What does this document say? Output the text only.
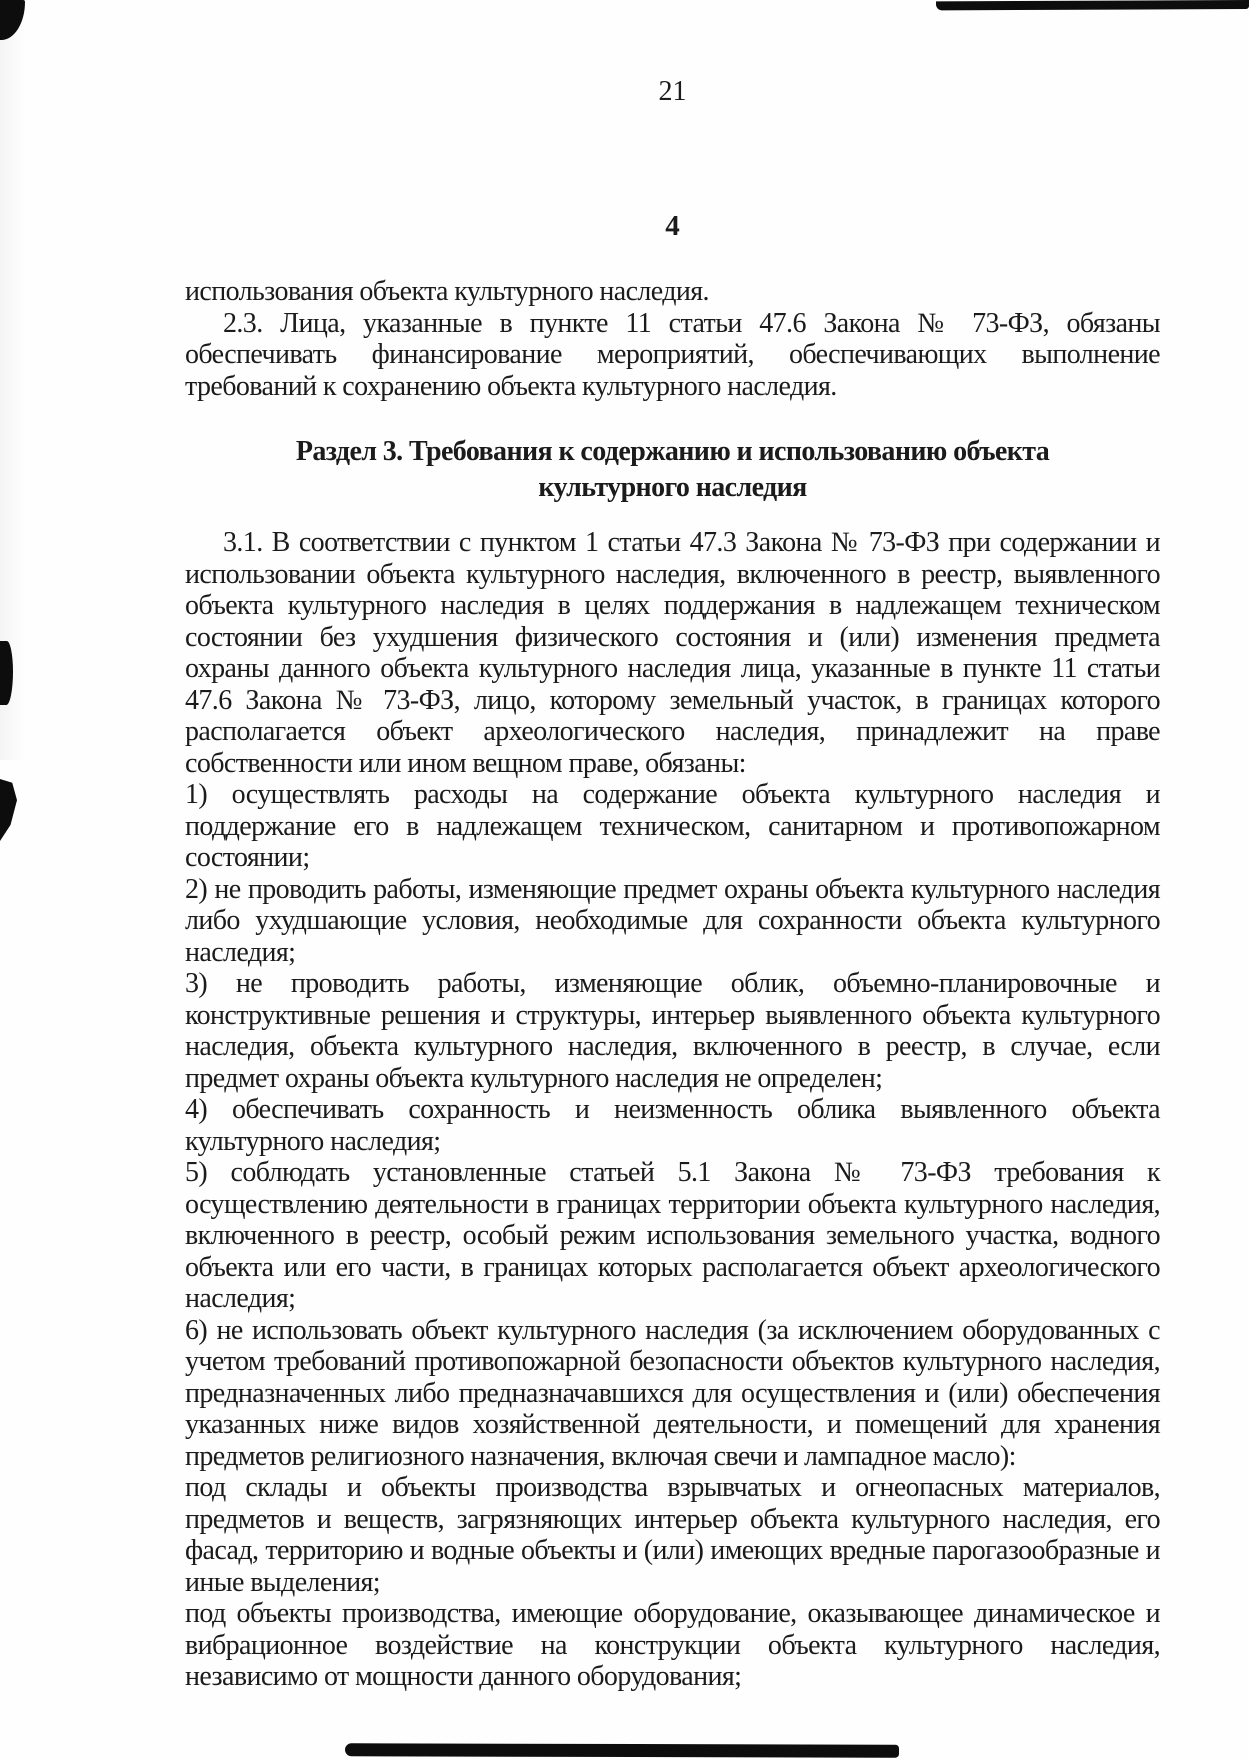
21
4

использования объекта культурного наследия.

2.3. Лица, указанные в пункте 11 статьи 47.6 Закона № 73-ФЗ, обязаны обеспечивать финансирование мероприятий, обеспечивающих выполнение требований к сохранению объекта культурного наследия.

Раздел 3. Требования к содержанию и использованию объекта культурного наследия

3.1. В соответствии с пунктом 1 статьи 47.3 Закона № 73-ФЗ при содержании и использовании объекта культурного наследия, включенного в реестр, выявленного объекта культурного наследия в целях поддержания в надлежащем техническом состоянии без ухудшения физического состояния и (или) изменения предмета охраны данного объекта культурного наследия лица, указанные в пункте 11 статьи 47.6 Закона № 73-ФЗ, лицо, которому земельный участок, в границах которого располагается объект археологического наследия, принадлежит на праве собственности или ином вещном праве, обязаны:

1) осуществлять расходы на содержание объекта культурного наследия и поддержание его в надлежащем техническом, санитарном и противопожарном состоянии;

2) не проводить работы, изменяющие предмет охраны объекта культурного наследия либо ухудшающие условия, необходимые для сохранности объекта культурного наследия;

3) не проводить работы, изменяющие облик, объемно-планировочные и конструктивные решения и структуры, интерьер выявленного объекта культурного наследия, объекта культурного наследия, включенного в реестр, в случае, если предмет охраны объекта культурного наследия не определен;

4) обеспечивать сохранность и неизменность облика выявленного объекта культурного наследия;

5) соблюдать установленные статьей 5.1 Закона № 73-ФЗ требования к осуществлению деятельности в границах территории объекта культурного наследия, включенного в реестр, особый режим использования земельного участка, водного объекта или его части, в границах которых располагается объект археологического наследия;

6) не использовать объект культурного наследия (за исключением оборудованных с учетом требований противопожарной безопасности объектов культурного наследия, предназначенных либо предназначавшихся для осуществления и (или) обеспечения указанных ниже видов хозяйственной деятельности, и помещений для хранения предметов религиозного назначения, включая свечи и лампадное масло):

под склады и объекты производства взрывчатых и огнеопасных материалов, предметов и веществ, загрязняющих интерьер объекта культурного наследия, его фасад, территорию и водные объекты и (или) имеющих вредные парогазообразные и иные выделения;

под объекты производства, имеющие оборудование, оказывающее динамическое и вибрационное воздействие на конструкции объекта культурного наследия, независимо от мощности данного оборудования;
